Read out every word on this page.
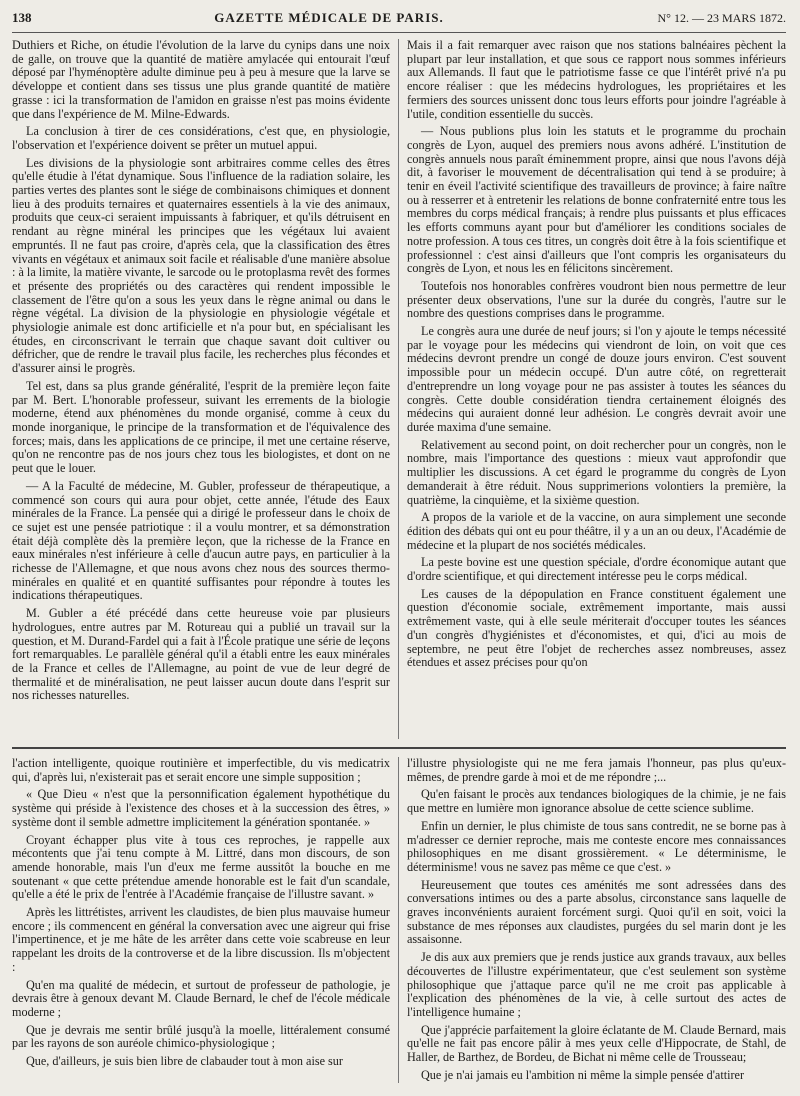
138	GAZETTE MÉDICALE DE PARIS.	N° 12. — 23 MARS 1872.

Duthiers et Riche, on étudie l'évolution de la larve du cynips dans une noix de galle, on trouve que la quantité de matière amylacée qui entourait l'œuf déposé par l'hyménoptère adulte diminue peu à peu à mesure que la larve se développe et contient dans ses tissus une plus grande quantité de matière grasse : ici la transformation de l'amidon en graisse n'est pas moins évidente que dans l'expérience de M. Milne-Edwards.

La conclusion à tirer de ces considérations, c'est que, en physiologie, l'observation et l'expérience doivent se prêter un mutuel appui.

Les divisions de la physiologie sont arbitraires comme celles des êtres qu'elle étudie à l'état dynamique. Sous l'influence de la radiation solaire, les parties vertes des plantes sont le siége de combinaisons chimiques et donnent lieu à des produits ternaires et quaternaires essentiels à la vie des animaux, produits que ceux-ci seraient impuissants à fabriquer, et qu'ils détruisent en rendant au règne minéral les principes que les végétaux lui avaient empruntés. Il ne faut pas croire, d'après cela, que la classification des êtres vivants en végétaux et animaux soit facile et réalisable d'une manière absolue : à la limite, la matière vivante, le sarcode ou le protoplasma revêt des formes et présente des propriétés ou des caractères qui rendent impossible le classement de l'être qu'on a sous les yeux dans le règne animal ou dans le règne végétal. La division de la physiologie en physiologie végétale et physiologie animale est donc artificielle et n'a pour but, en spécialisant les études, en circonscrivant le terrain que chaque savant doit cultiver ou défricher, que de rendre le travail plus facile, les recherches plus fécondes et d'assurer ainsi le progrès.

Tel est, dans sa plus grande généralité, l'esprit de la première leçon faite par M. Bert. L'honorable professeur, suivant les errements de la biologie moderne, étend aux phénomènes du monde organisé, comme à ceux du monde inorganique, le principe de la transformation et de l'équivalence des forces; mais, dans les applications de ce principe, il met une certaine réserve, qu'on ne rencontre pas de nos jours chez tous les biologistes, et dont on ne peut que le louer.

— A la Faculté de médecine, M. Gubler, professeur de thérapeutique, a commencé son cours qui aura pour objet, cette année, l'étude des Eaux minérales de la France. La pensée qui a dirigé le professeur dans le choix de ce sujet est une pensée patriotique : il a voulu montrer, et sa démonstration était déjà complète dès la première leçon, que la richesse de la France en eaux minérales n'est inférieure à celle d'aucun autre pays, en particulier à la richesse de l'Allemagne, et que nous avons chez nous des sources thermo-minérales en qualité et en quantité suffisantes pour répondre à toutes les indications thérapeutiques.

M. Gubler a été précédé dans cette heureuse voie par plusieurs hydrologues, entre autres par M. Rotureau qui a publié un travail sur la question, et M. Durand-Fardel qui a fait à l'École pratique une série de leçons fort remarquables. Le parallèle général qu'il a établi entre les eaux minérales de la France et celles de l'Allemagne, au point de vue de leur degré de thermalité et de minéralisation, ne peut laisser aucun doute dans l'esprit sur nos richesses naturelles.

Mais il a fait remarquer avec raison que nos stations balnéaires pèchent la plupart par leur installation, et que sous ce rapport nous sommes inférieurs aux Allemands. Il faut que le patriotisme fasse ce que l'intérêt privé n'a pu encore réaliser : que les médecins hydrologues, les propriétaires et les fermiers des sources unissent donc tous leurs efforts pour joindre l'agréable à l'utile, condition essentielle du succès.

— Nous publions plus loin les statuts et le programme du prochain congrès de Lyon, auquel des premiers nous avons adhéré. L'institution de congrès annuels nous paraît éminemment propre, ainsi que nous l'avons déjà dit, à favoriser le mouvement de décentralisation qui tend à se produire; à tenir en éveil l'activité scientifique des travailleurs de province; à faire naître ou à resserrer et à entretenir les relations de bonne confraternité entre tous les membres du corps médical français; à rendre plus puissants et plus efficaces les efforts communs ayant pour but d'améliorer les conditions sociales de notre profession. A tous ces titres, un congrès doit être à la fois scientifique et professionnel : c'est ainsi d'ailleurs que l'ont compris les organisateurs du congrès de Lyon, et nous les en félicitons sincèrement.

Toutefois nos honorables confrères voudront bien nous permettre de leur présenter deux observations, l'une sur la durée du congrès, l'autre sur le nombre des questions comprises dans le programme.

Le congrès aura une durée de neuf jours; si l'on y ajoute le temps nécessité par le voyage pour les médecins qui viendront de loin, on voit que ces médecins devront prendre un congé de douze jours environ. C'est souvent impossible pour un médecin occupé. D'un autre côté, on regretterait d'entreprendre un long voyage pour ne pas assister à toutes les séances du congrès. Cette double considération tiendra certainement éloignés des médecins qui auraient donné leur adhésion. Le congrès devrait avoir une durée maxima d'une semaine.

Relativement au second point, on doit rechercher pour un congrès, non le nombre, mais l'importance des questions : mieux vaut approfondir que multiplier les discussions. A cet égard le programme du congrès de Lyon demanderait à être réduit. Nous supprimerions volontiers la première, la quatrième, la cinquième, et la sixième question.

A propos de la variole et de la vaccine, on aura simplement une seconde édition des débats qui ont eu pour théâtre, il y a un an ou deux, l'Académie de médecine et la plupart de nos sociétés médicales.

La peste bovine est une question spéciale, d'ordre économique autant que d'ordre scientifique, et qui directement intéresse peu le corps médical.

Les causes de la dépopulation en France constituent également une question d'économie sociale, extrêmement importante, mais aussi extrêmement vaste, qui à elle seule mériterait d'occuper toutes les séances d'un congrès d'hygiénistes et d'économistes, et qui, d'ici au mois de septembre, ne peut être l'objet de recherches assez nombreuses, assez étendues et assez précises pour qu'on

l'action intelligente, quoique routinière et imperfectible, du vis medicatrix qui, d'après lui, n'existerait pas et serait encore une simple supposition ;

« Que Dieu « n'est que la personnification également hypothétique du système qui préside à l'existence des choses et à la succession des êtres, » système dont il semble admettre implicitement la génération spontanée. »

Croyant échapper plus vite à tous ces reproches, je rappelle aux mécontents que j'ai tenu compte à M. Littré, dans mon discours, de son amende honorable, mais l'un d'eux me ferme aussitôt la bouche en me soutenant « que cette prétendue amende honorable est le fait d'un scandale, qu'elle a été le prix de l'entrée à l'Académie française de l'illustre savant. »

Après les littrétistes, arrivent les claudistes, de bien plus mauvaise humeur encore ; ils commencent en général la conversation avec une aigreur qui frise l'impertinence, et je me hâte de les arrêter dans cette voie scabreuse en leur rappelant les droits de la controverse et de la libre discussion. Ils m'objectent :

Qu'en ma qualité de médecin, et surtout de professeur de pathologie, je devrais être à genoux devant M. Claude Bernard, le chef de l'école médicale moderne ;

Que je devrais me sentir brûlé jusqu'à la moelle, littéralement consumé par les rayons de son auréole chimico-physiologique ;

Que, d'ailleurs, je suis bien libre de clabauder tout à mon aise sur

l'illustre physiologiste qui ne me fera jamais l'honneur, pas plus qu'eux-mêmes, de prendre garde à moi et de me répondre ;...

Qu'en faisant le procès aux tendances biologiques de la chimie, je ne fais que mettre en lumière mon ignorance absolue de cette science sublime.

Enfin un dernier, le plus chimiste de tous sans contredit, ne se borne pas à m'adresser ce dernier reproche, mais me conteste encore mes connaissances philosophiques en me disant grossièrement. « Le déterminisme, le déterminisme! vous ne savez pas même ce que c'est. »

Heureusement que toutes ces aménités me sont adressées dans des conversations intimes ou des a parte absolus, circonstance sans laquelle de graves inconvénients auraient forcément surgi. Quoi qu'il en soit, voici la substance de mes réponses aux claudistes, purgées du sel marin dont je les assaisonne.

Je dis aux aux premiers que je rends justice aux grands travaux, aux belles découvertes de l'illustre expérimentateur, que c'est seulement son système philosophique que j'attaque parce qu'il ne me croit pas applicable à l'explication des phénomènes de la vie, à celle surtout des actes de l'intelligence humaine ;

Que j'apprécie parfaitement la gloire éclatante de M. Claude Bernard, mais qu'elle ne fait pas encore pâlir à mes yeux celle d'Hippocrate, de Stahl, de Haller, de Barthez, de Bordeu, de Bichat ni même celle de Trousseau;

Que je n'ai jamais eu l'ambition ni même la simple pensée d'attirer
